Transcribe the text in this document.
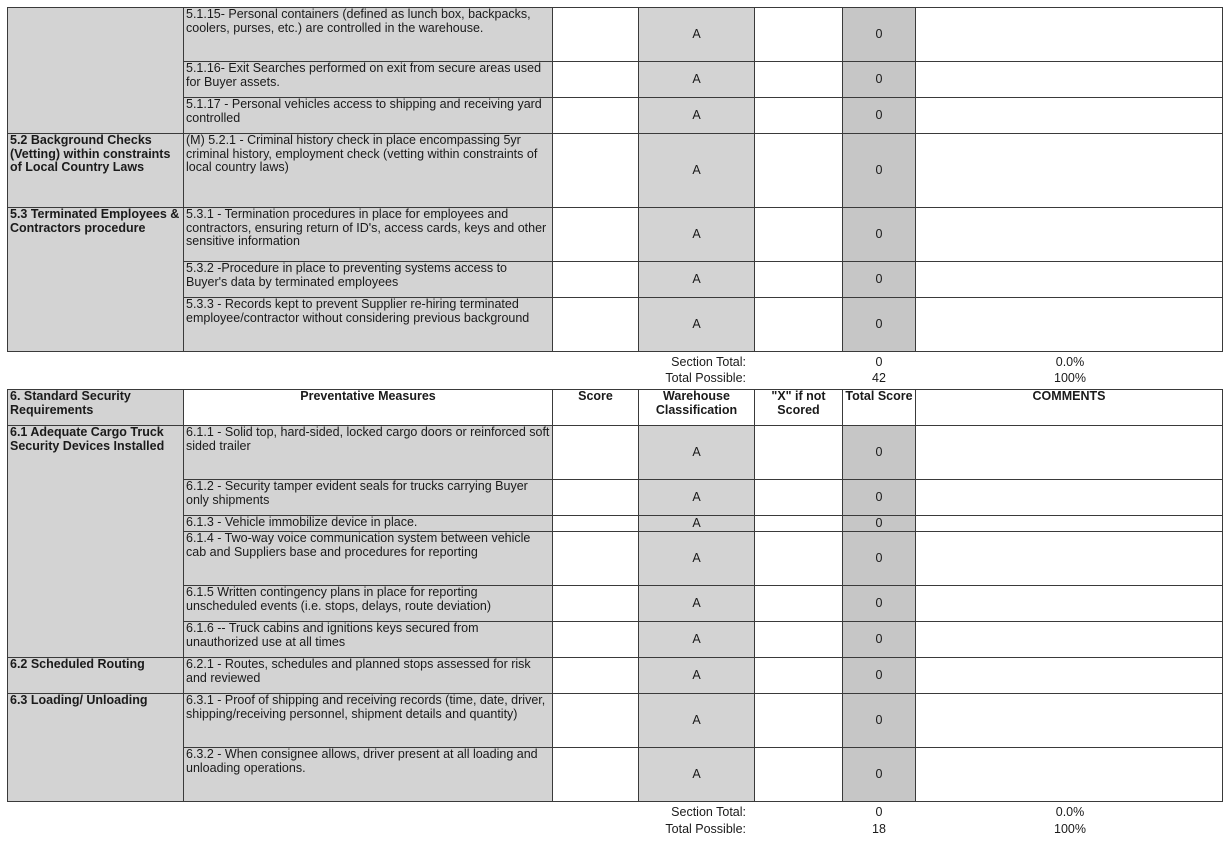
	5.1.15- Personal containers (defined as lunch box, backpacks, coolers, purses, etc.) are controlled in the warehouse.		A		0	
	5.1.16- Exit Searches performed on exit from secure areas used for Buyer assets.		A		0	
	5.1.17 - Personal vehicles access to shipping and receiving yard controlled		A		0	
5.2 Background Checks (Vetting) within constraints of Local Country Laws	(M) 5.2.1 - Criminal history check in place encompassing 5yr criminal history, employment check (vetting within constraints of local country laws)		A		0	
5.3 Terminated Employees & Contractors procedure	5.3.1 - Termination procedures in place for employees and contractors, ensuring return of ID's, access cards, keys and other sensitive information		A		0	
	5.3.2 -Procedure in place to preventing systems access to Buyer's data by terminated employees		A		0	
	5.3.3 - Records kept to prevent Supplier re-hiring terminated employee/contractor without considering previous background		A		0	
Section Total:	0	0.0%
Total Possible:	42	100%
6. Standard Security Requirements	Preventative Measures	Score	Warehouse Classification	"X" if not Scored	Total Score	COMMENTS
6.1 Adequate Cargo Truck Security Devices Installed	6.1.1 - Solid top, hard-sided, locked cargo doors or reinforced soft sided trailer		A		0	
	6.1.2 - Security tamper evident seals for trucks carrying Buyer only shipments		A		0	
	6.1.3 - Vehicle immobilize device in place.		A		0	
	6.1.4 - Two-way voice communication system between vehicle cab and Suppliers base and procedures for reporting		A		0	
	6.1.5 Written contingency plans in place for reporting unscheduled events (i.e. stops, delays, route deviation)		A		0	
	6.1.6 -- Truck cabins and ignitions keys secured from unauthorized use at all times		A		0	
6.2 Scheduled Routing	6.2.1 - Routes, schedules and planned stops assessed for risk and reviewed		A		0	
6.3 Loading/ Unloading	6.3.1 - Proof of shipping and receiving records (time, date, driver, shipping/receiving personnel, shipment details and quantity)		A		0	
	6.3.2 - When consignee allows, driver present at all loading and unloading operations.		A		0	
Section Total:	0	0.0%
Total Possible:	18	100%
